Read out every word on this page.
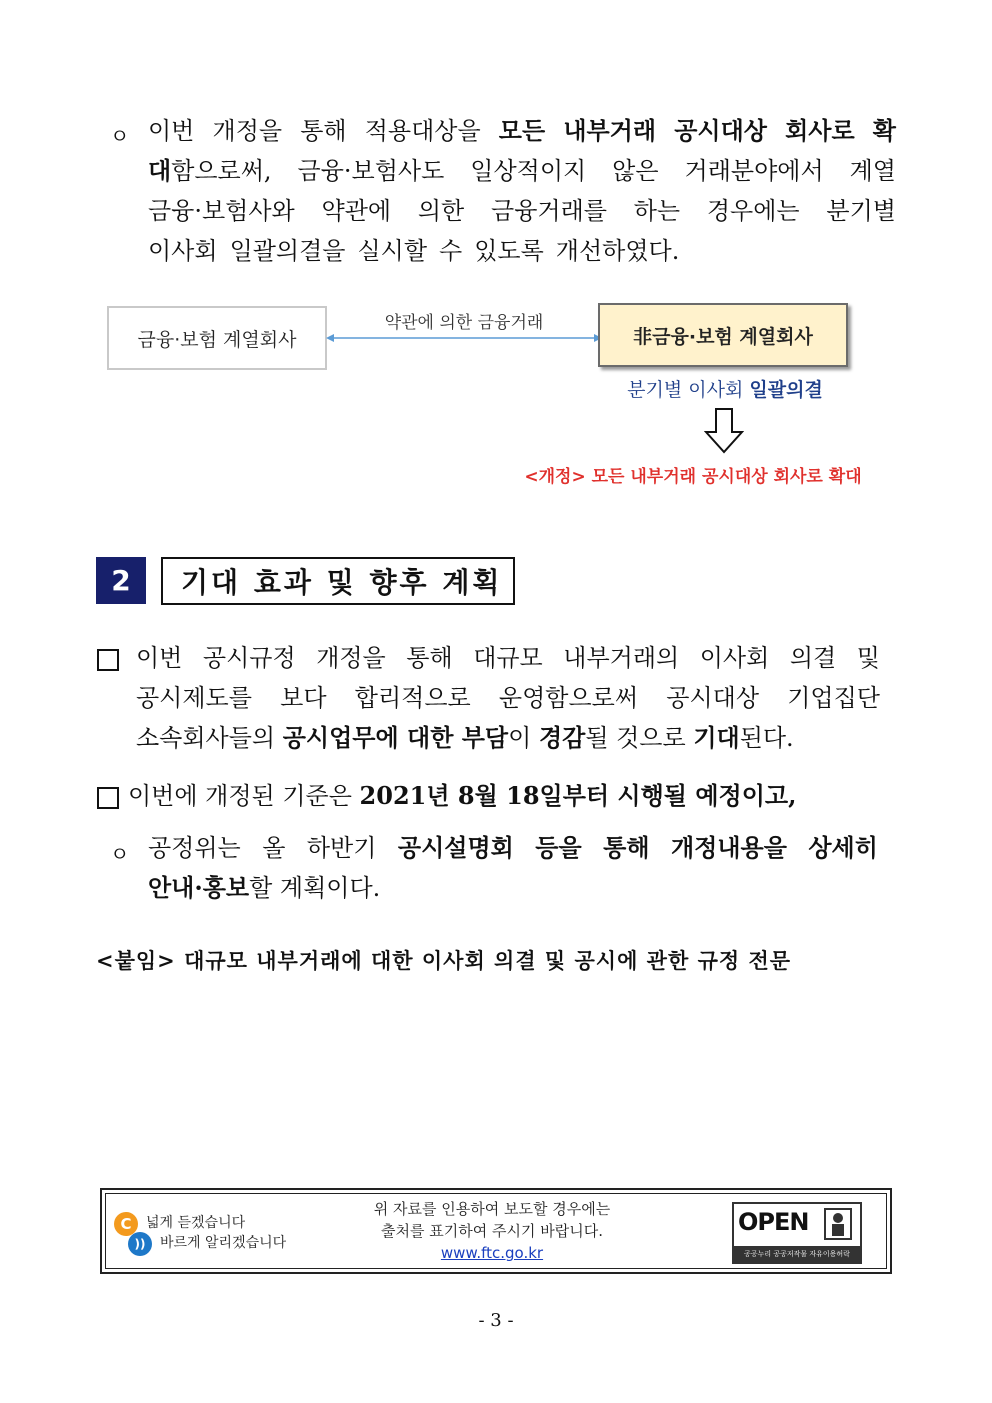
ㅇ 이번 개정을 통해 적용대상을 모든 내부거래 공시대상 회사로 확
대함으로써, 금융·보험사도 일상적이지 않은 거래분야에서 계열
금융·보험사와 약관에 의한 금융거래를 하는 경우에는 분기별
이사회 일괄의결을 실시할 수 있도록 개선하였다.
금융·보험 계열회사
약관에 의한 금융거래
非금융·보험 계열회사
분기별 이사회 일괄의결
<개정> 모든 내부거래 공시대상 회사로 확대
2	기대 효과 및 향후 계획
이번 공시규정 개정을 통해 대규모 내부거래의 이사회 의결 및
공시제도를 보다 합리적으로 운영함으로써 공시대상 기업집단
소속회사들의 공시업무에 대한 부담이 경감될 것으로 기대된다.
이번에 개정된 기준은 2021년 8월 18일부터 시행될 예정이고,
ㅇ 공정위는 올 하반기 공시설명회 등을 통해 개정내용을 상세히
안내·홍보할 계획이다.
<붙임> 대규모 내부거래에 대한 이사회 의결 및 공시에 관한 규정 전문
C
))
넓게 듣겠습니다
바르게 알리겠습니다
위 자료를 인용하여 보도할 경우에는
출처를 표기하여 주시기 바랍니다.
www.ftc.go.kr
OPEN
공공누리 공공저작물 자유이용허락
- 3 -
